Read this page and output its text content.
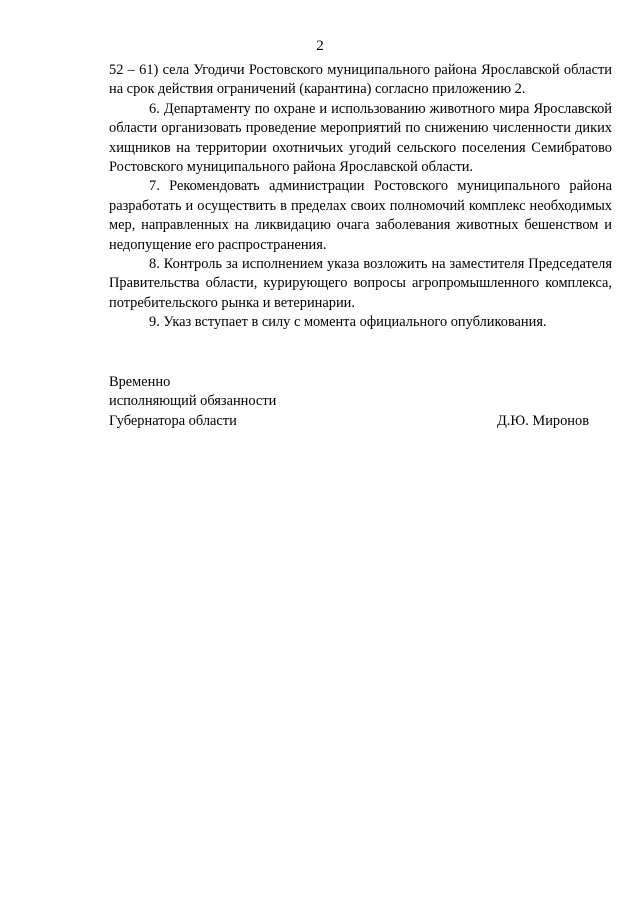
2

52 – 61) села Угодичи Ростовского муниципального района Ярославской области на срок действия ограничений (карантина) согласно приложению 2.

6. Департаменту по охране и использованию животного мира Ярославской области организовать проведение мероприятий по снижению численности диких хищников на территории охотничьих угодий сельского поселения Семибратово Ростовского муниципального района Ярославской области.

7. Рекомендовать администрации Ростовского муниципального района разработать и осуществить в пределах своих полномочий комплекс необходимых мер, направленных на ликвидацию очага заболевания животных бешенством и недопущение его распространения.

8. Контроль за исполнением указа возложить на заместителя Председателя Правительства области, курирующего вопросы агропромышленного комплекса, потребительского рынка и ветеринарии.

9. Указ вступает в силу с момента официального опубликования.

Временно
исполняющий обязанности
Губернатора области	Д.Ю. Миронов
